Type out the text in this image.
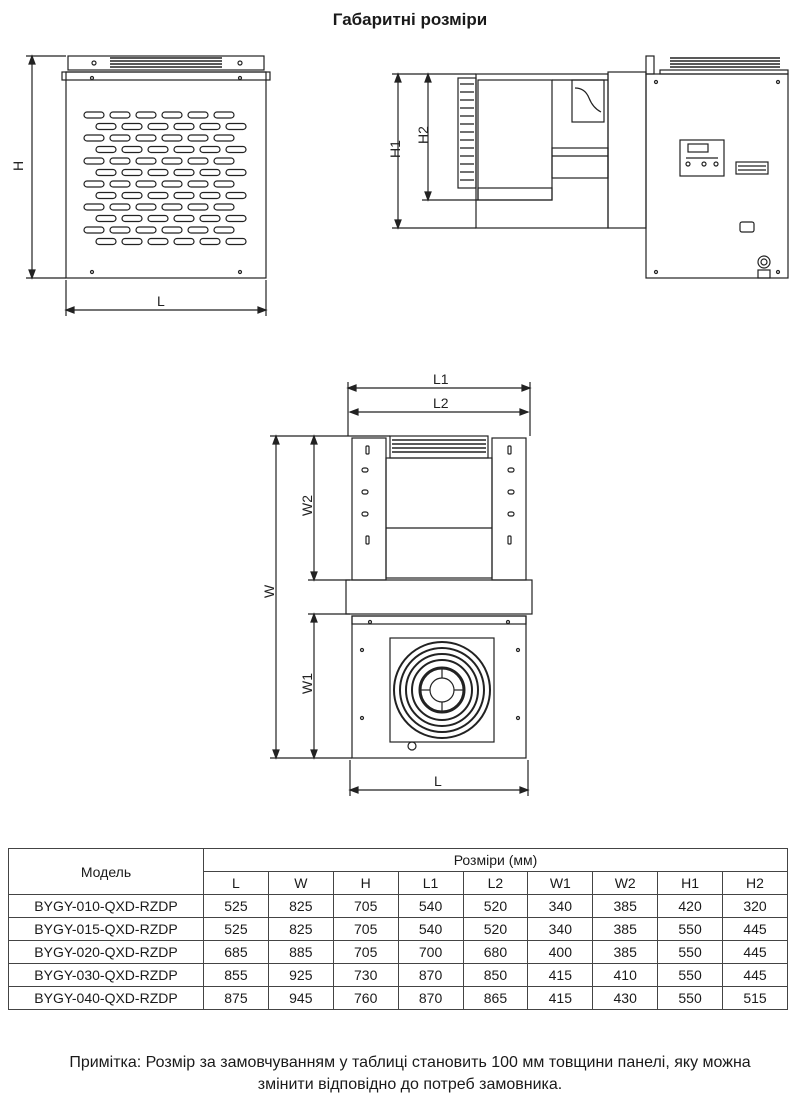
Габаритні розміри
H
L
H1
H2
L1
L2
W
W2
W1
L
Модель	Розміри (мм)								
	L	W	H	L1	L2	W1	W2	H1	H2
BYGY-010-QXD-RZDP	525	825	705	540	520	340	385	420	320
BYGY-015-QXD-RZDP	525	825	705	540	520	340	385	550	445
BYGY-020-QXD-RZDP	685	885	705	700	680	400	385	550	445
BYGY-030-QXD-RZDP	855	925	730	870	850	415	410	550	445
BYGY-040-QXD-RZDP	875	945	760	870	865	415	430	550	515
Примітка: Розмір за замовчуванням у таблиці становить 100 мм товщини панелі, яку можна
змінити відповідно до потреб замовника.
